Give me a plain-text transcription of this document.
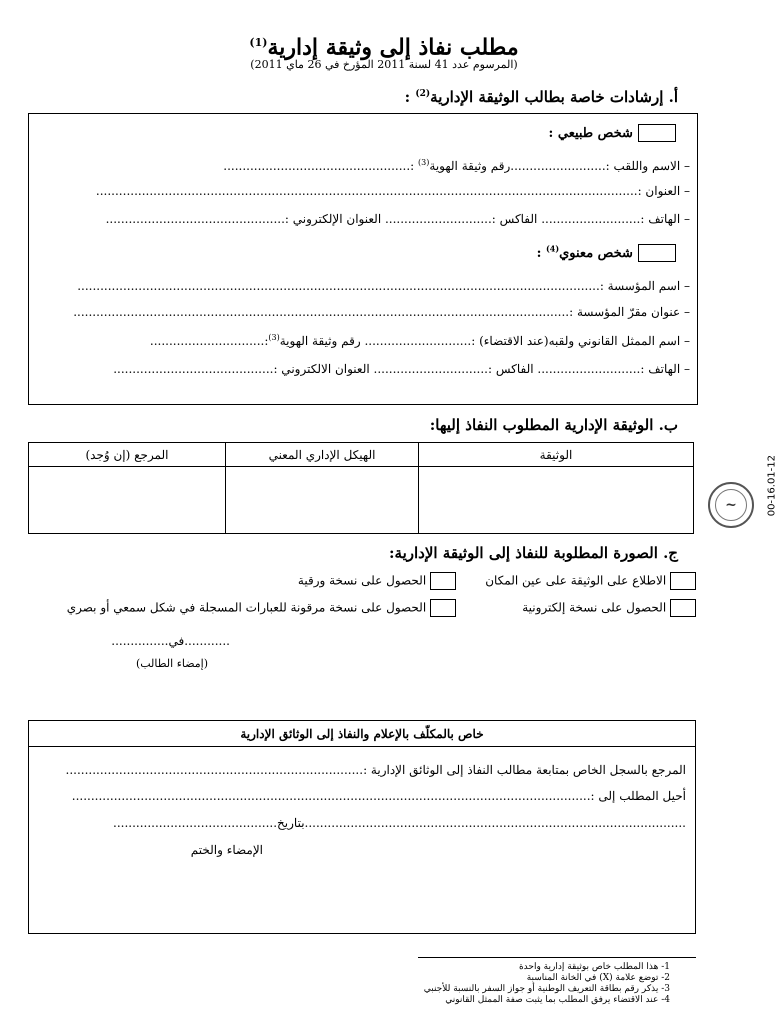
مطلب نفاذ إلى وثيقة إدارية$^{(1)}$
(المرسوم عدد 41 لسنة 2011 المؤرخ في 26 ماي 2011)
00-16.01-12
~
أ. إرشادات خاصة بطالب الوثيقة الإدارية$^{(2)}$ :
شخص طبيعي :
– الاسم واللقب :.........................رقم وثيقة الهوية$^{(3)}$ :.................................................
– العنوان :..............................................................................................................................................
– الهاتف :.......................... الفاكس :............................ العنوان الإلكتروني :...............................................
شخص معنوي$^{(4)}$ :
– اسم المؤسسة :.........................................................................................................................................
– عنوان مقرّ المؤسسة :..................................................................................................................................
– اسم الممثل القانوني ولقبه(عند الاقتضاء) :............................ رقم وثيقة الهوية$^{(3)}$:..............................
– الهاتف :........................... الفاكس :.............................. العنوان الالكتروني :..........................................
ب. الوثيقة الإدارية المطلوب النفاذ إليها:
الوثيقة	الهيكل الإداري المعني	المرجع (إن وُجد)

ج. الصورة المطلوبة للنفاذ إلى الوثيقة الإدارية:
الاطلاع على الوثيقة على عين المكان
الحصول على نسخة ورقية
الحصول على نسخة إلكترونية
الحصول على نسخة مرقونة للعبارات المسجلة في شكل سمعي أو بصري
............في...............
(إمضاء الطالب)
خاص بالمكلّف بالإعلام والنفاذ إلى الوثائق الإدارية
المرجع بالسجل الخاص بمتابعة مطالب النفاذ إلى الوثائق الإدارية :..............................................................................
أحيل المطلب إلى :........................................................................................................................................
....................................................................................................بتاريخ...........................................
الإمضاء والختم
1- هذا المطلب خاص بوثيقة إدارية واحدة
2- توضع علامة (X) في الخانة المناسبة
3- يذكر رقم بطاقة التعريف الوطنية أو جواز السفر بالنسبة للأجنبي
4- عند الاقتضاء يرفق المطلب بما يثبت صفة الممثل القانوني
